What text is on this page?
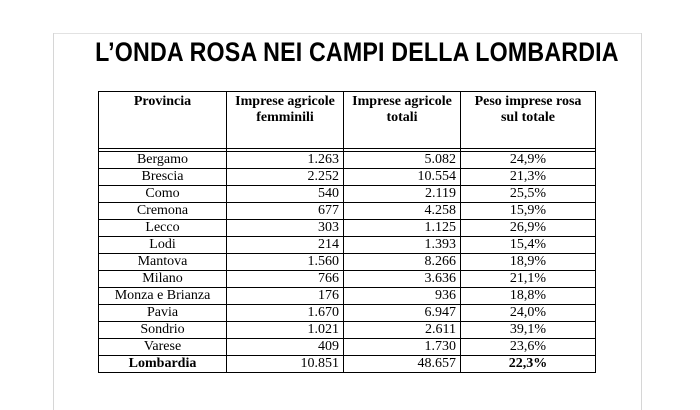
L’ONDA ROSA NEI CAMPI DELLA LOMBARDIA
Provincia	Imprese agricole femminili	Imprese agricole totali	Peso imprese rosa sul totale

Bergamo	1.263	5.082	24,9%
Brescia	2.252	10.554	21,3%
Como	540	2.119	25,5%
Cremona	677	4.258	15,9%
Lecco	303	1.125	26,9%
Lodi	214	1.393	15,4%
Mantova	1.560	8.266	18,9%
Milano	766	3.636	21,1%
Monza e Brianza	176	936	18,8%
Pavia	1.670	6.947	24,0%
Sondrio	1.021	2.611	39,1%
Varese	409	1.730	23,6%
Lombardia	10.851	48.657	22,3%
